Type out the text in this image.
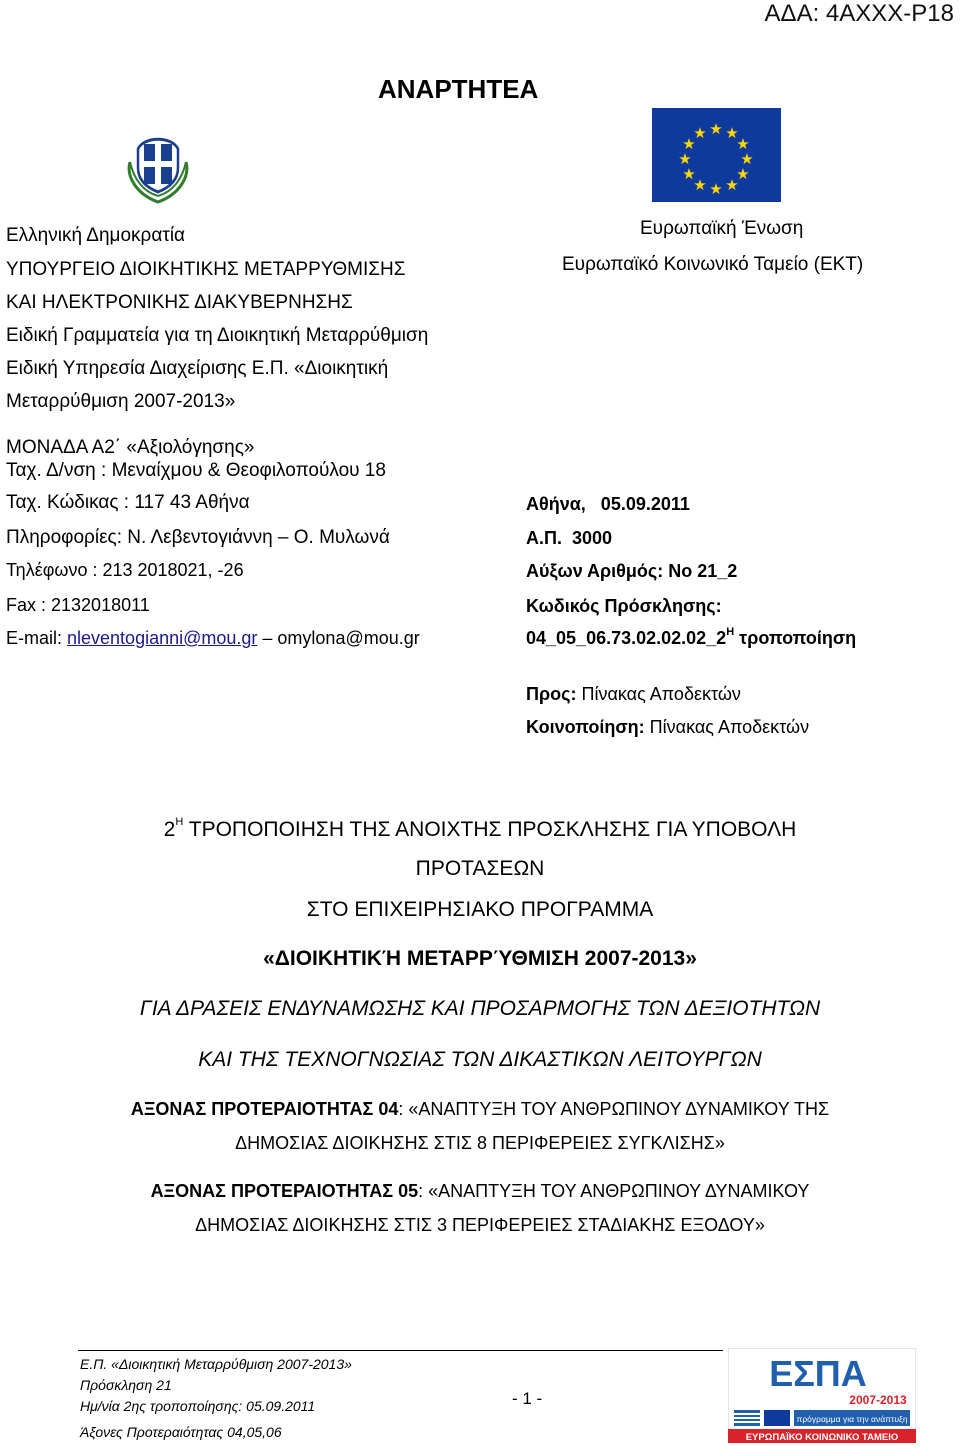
ΑΔΑ: 4ΑΧΧΧ-Ρ18
ΑΝΑΡΤΗΤΕΑ
★ ★
★
★
★
★
★
★
★
★
★
★
Ευρωπαϊκή Ένωση
Ευρωπαϊκό Κοινωνικό Ταμείο (ΕΚΤ)
Ελληνική Δημοκρατία
ΥΠΟΥΡΓΕΙΟ ΔΙΟΙΚΗΤΙΚΗΣ ΜΕΤΑΡΡΥΘΜΙΣΗΣ
ΚΑΙ ΗΛΕΚΤΡΟΝΙΚΗΣ ΔΙΑΚΥΒΕΡΝΗΣΗΣ
Ειδική Γραμματεία για τη Διοικητική Μεταρρύθμιση
Ειδική Υπηρεσία Διαχείρισης Ε.Π. «Διοικητική
Μεταρρύθμιση 2007-2013»
ΜΟΝΑΔΑ Α2΄ «Αξιολόγησης»
Ταχ. Δ/νση : Μεναίχμου & Θεοφιλοπούλου 18
Ταχ. Κώδικας : 117 43 Αθήνα
Πληροφορίες: Ν. Λεβεντογιάννη – Ο. Μυλωνά
Τηλέφωνο : 213 2018021, -26
Fax : 2132018011
E-mail: nleventogianni@mou.gr – omylona@mou.gr
Αθήνα,   05.09.2011
Α.Π.  3000
Αύξων Αριθμός: Νο 21_2
Κωδικός Πρόσκλησης:
$04\_05\_06.73.02.02.02\_2^H$ τροποποίηση
Προς: Πίνακας Αποδεκτών
Κοινοποίηση: Πίνακας Αποδεκτών
$2^H$ ΤΡΟΠΟΠΟΙΗΣΗ ΤΗΣ ΑΝΟΙΧΤΗΣ ΠΡΟΣΚΛΗΣΗΣ ΓΙΑ ΥΠΟΒΟΛΗ
ΠΡΟΤΑΣΕΩΝ
ΣΤΟ ΕΠΙΧΕΙΡΗΣΙΑΚΟ ΠΡΟΓΡΑΜΜΑ
«ΔΙΟΙΚΗΤΙΚΉ ΜΕΤΑΡΡΎΘΜΙΣΗ 2007-2013»
ΓΙΑ ΔΡΑΣΕΙΣ ΕΝΔΥΝΑΜΩΣΗΣ ΚΑΙ ΠΡΟΣΑΡΜΟΓΗΣ ΤΩΝ ΔΕΞΙΟΤΗΤΩΝ
ΚΑΙ ΤΗΣ ΤΕΧΝΟΓΝΩΣΙΑΣ ΤΩΝ ΔΙΚΑΣΤΙΚΩΝ ΛΕΙΤΟΥΡΓΩΝ
ΑΞΟΝΑΣ ΠΡΟΤΕΡΑΙΟΤΗΤΑΣ 04: «ΑΝΑΠΤΥΞΗ ΤΟΥ ΑΝΘΡΩΠΙΝΟΥ ΔΥΝΑΜΙΚΟΥ ΤΗΣ
ΔΗΜΟΣΙΑΣ ΔΙΟΙΚΗΣΗΣ ΣΤΙΣ 8 ΠΕΡΙΦΕΡΕΙΕΣ ΣΥΓΚΛΙΣΗΣ»
ΑΞΟΝΑΣ ΠΡΟΤΕΡΑΙΟΤΗΤΑΣ 05: «ΑΝΑΠΤΥΞΗ ΤΟΥ ΑΝΘΡΩΠΙΝΟΥ ΔΥΝΑΜΙΚΟΥ
ΔΗΜΟΣΙΑΣ ΔΙΟΙΚΗΣΗΣ ΣΤΙΣ 3 ΠΕΡΙΦΕΡΕΙΕΣ ΣΤΑΔΙΑΚΗΣ ΕΞΟΔΟΥ»
Ε.Π. «Διοικητική Μεταρρύθμιση 2007-2013»
Πρόσκληση 21
Ημ/νία 2ης τροποποίησης: 05.09.2011
Άξονες Προτεραιότητας 04,05,06
- 1 -
ΕΣΠΑ
2007-2013
πρόγραμμα για την ανάπτυξη
ΕΥΡΩΠΑΪΚΟ ΚΟΙΝΩΝΙΚΟ ΤΑΜΕΙΟ
